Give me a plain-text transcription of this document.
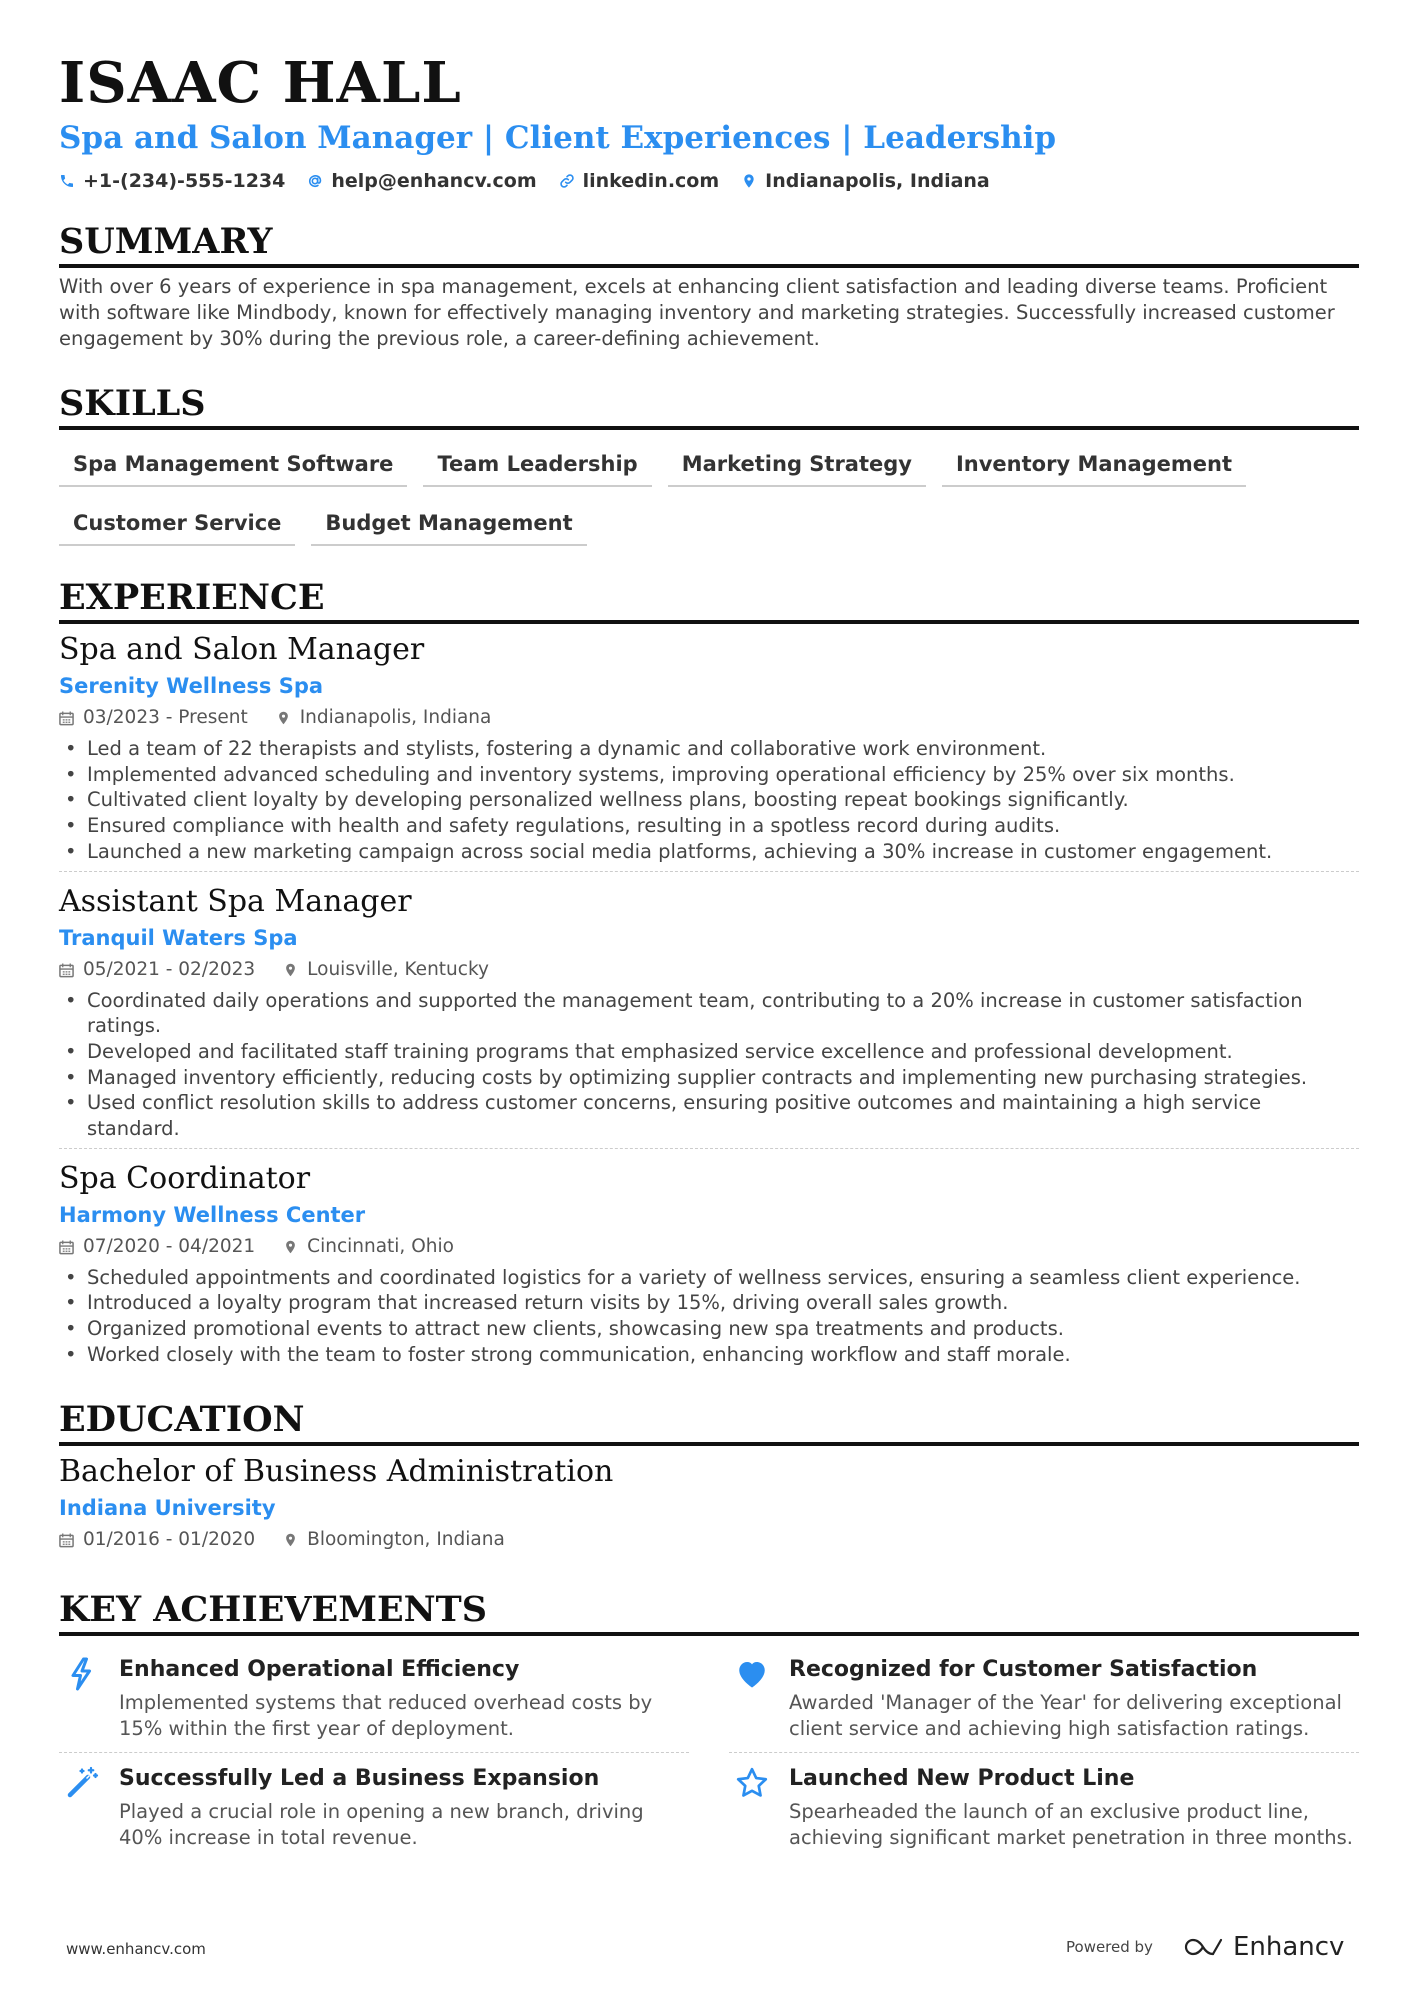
ISAAC HALL
Spa and Salon Manager | Client Experiences | Leadership
+1-(234)-555-1234 help@enhancv.com linkedin.com Indianapolis, Indiana
SUMMARY
With over 6 years of experience in spa management, excels at enhancing client satisfaction and leading diverse teams. Proficient with software like Mindbody, known for effectively managing inventory and marketing strategies. Successfully increased customer engagement by 30% during the previous role, a career-defining achievement.
SKILLS
Spa Management Software	Team Leadership	Marketing Strategy	Inventory Management
Customer Service	Budget Management
EXPERIENCE
Spa and Salon Manager
Serenity Wellness Spa
03/2023 - Present	Indianapolis, Indiana
• Led a team of 22 therapists and stylists, fostering a dynamic and collaborative work environment.
• Implemented advanced scheduling and inventory systems, improving operational efficiency by 25% over six months.
• Cultivated client loyalty by developing personalized wellness plans, boosting repeat bookings significantly.
• Ensured compliance with health and safety regulations, resulting in a spotless record during audits.
• Launched a new marketing campaign across social media platforms, achieving a 30% increase in customer engagement.
Assistant Spa Manager
Tranquil Waters Spa
05/2021 - 02/2023	Louisville, Kentucky
• Coordinated daily operations and supported the management team, contributing to a 20% increase in customer satisfaction ratings.
• Developed and facilitated staff training programs that emphasized service excellence and professional development.
• Managed inventory efficiently, reducing costs by optimizing supplier contracts and implementing new purchasing strategies.
• Used conflict resolution skills to address customer concerns, ensuring positive outcomes and maintaining a high service standard.
Spa Coordinator
Harmony Wellness Center
07/2020 - 04/2021	Cincinnati, Ohio
• Scheduled appointments and coordinated logistics for a variety of wellness services, ensuring a seamless client experience.
• Introduced a loyalty program that increased return visits by 15%, driving overall sales growth.
• Organized promotional events to attract new clients, showcasing new spa treatments and products.
• Worked closely with the team to foster strong communication, enhancing workflow and staff morale.
EDUCATION
Bachelor of Business Administration
Indiana University
01/2016 - 01/2020	Bloomington, Indiana
KEY ACHIEVEMENTS
Enhanced Operational Efficiency
Implemented systems that reduced overhead costs by 15% within the first year of deployment.
Recognized for Customer Satisfaction
Awarded 'Manager of the Year' for delivering exceptional client service and achieving high satisfaction ratings.
Successfully Led a Business Expansion
Played a crucial role in opening a new branch, driving 40% increase in total revenue.
Launched New Product Line
Spearheaded the launch of an exclusive product line, achieving significant market penetration in three months.
www.enhancv.com	Powered by	Enhancv
